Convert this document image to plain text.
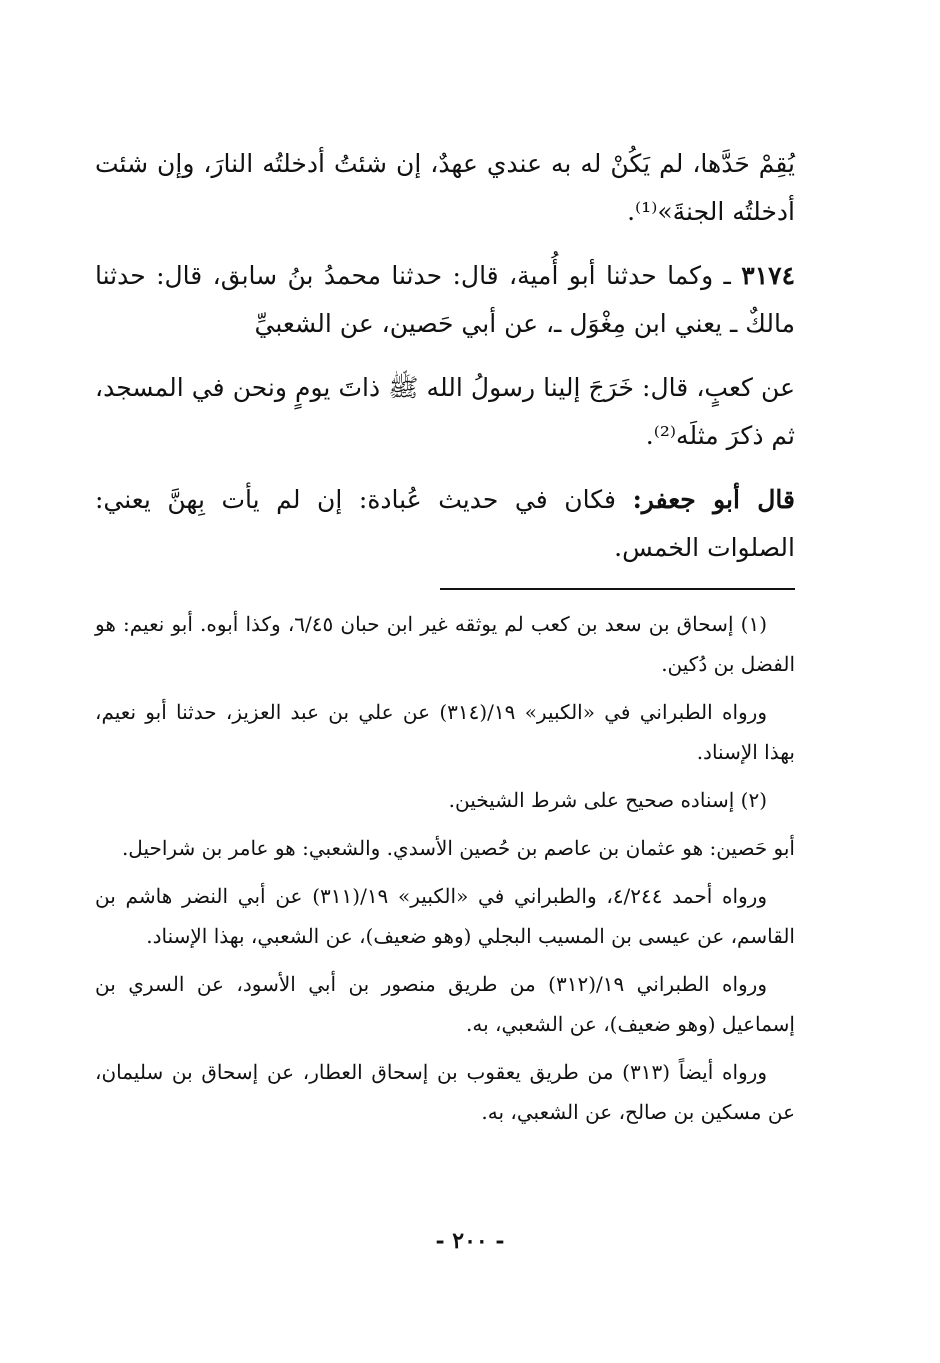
يُقِمْ حَدَّها، لم يَكُنْ له به عندي عهدٌ، إن شئتُ أدخلتُه النارَ، وإن شئت أدخلتُه الجنةَ»⁽¹⁾.

٣١٧٤ ـ وكما حدثنا أبو أُمية، قال: حدثنا محمدُ بنُ سابق، قال: حدثنا مالكٌ ـ يعني ابن مِغْوَل ـ، عن أبي حَصين، عن الشعبيِّ

عن كعبٍ، قال: خَرَجَ إلينا رسولُ الله ﷺ ذاتَ يومٍ ونحن في المسجد، ثم ذكرَ مثلَه⁽²⁾.

قال أبو جعفر: فكان في حديث عُبادة: إن لم يأت بِهنَّ يعني: الصلوات الخمس.

(١) إسحاق بن سعد بن كعب لم يوثقه غير ابن حبان ٦/٤٥، وكذا أبوه. أبو نعيم: هو الفضل بن دُكين.

ورواه الطبراني في «الكبير» ١٩/(٣١٤) عن علي بن عبد العزيز، حدثنا أبو نعيم، بهذا الإسناد.

(٢) إسناده صحيح على شرط الشيخين.

أبو حَصين: هو عثمان بن عاصم بن حُصين الأسدي. والشعبي: هو عامر بن شراحيل.

ورواه أحمد ٤/٢٤٤، والطبراني في «الكبير» ١٩/(٣١١) عن أبي النضر هاشم بن القاسم، عن عيسى بن المسيب البجلي (وهو ضعيف)، عن الشعبي، بهذا الإسناد.

ورواه الطبراني ١٩/(٣١٢) من طريق منصور بن أبي الأسود، عن السري بن إسماعيل (وهو ضعيف)، عن الشعبي، به.

ورواه أيضاً (٣١٣) من طريق يعقوب بن إسحاق العطار، عن إسحاق بن سليمان، عن مسكين بن صالح، عن الشعبي، به.

- ٢٠٠ -
